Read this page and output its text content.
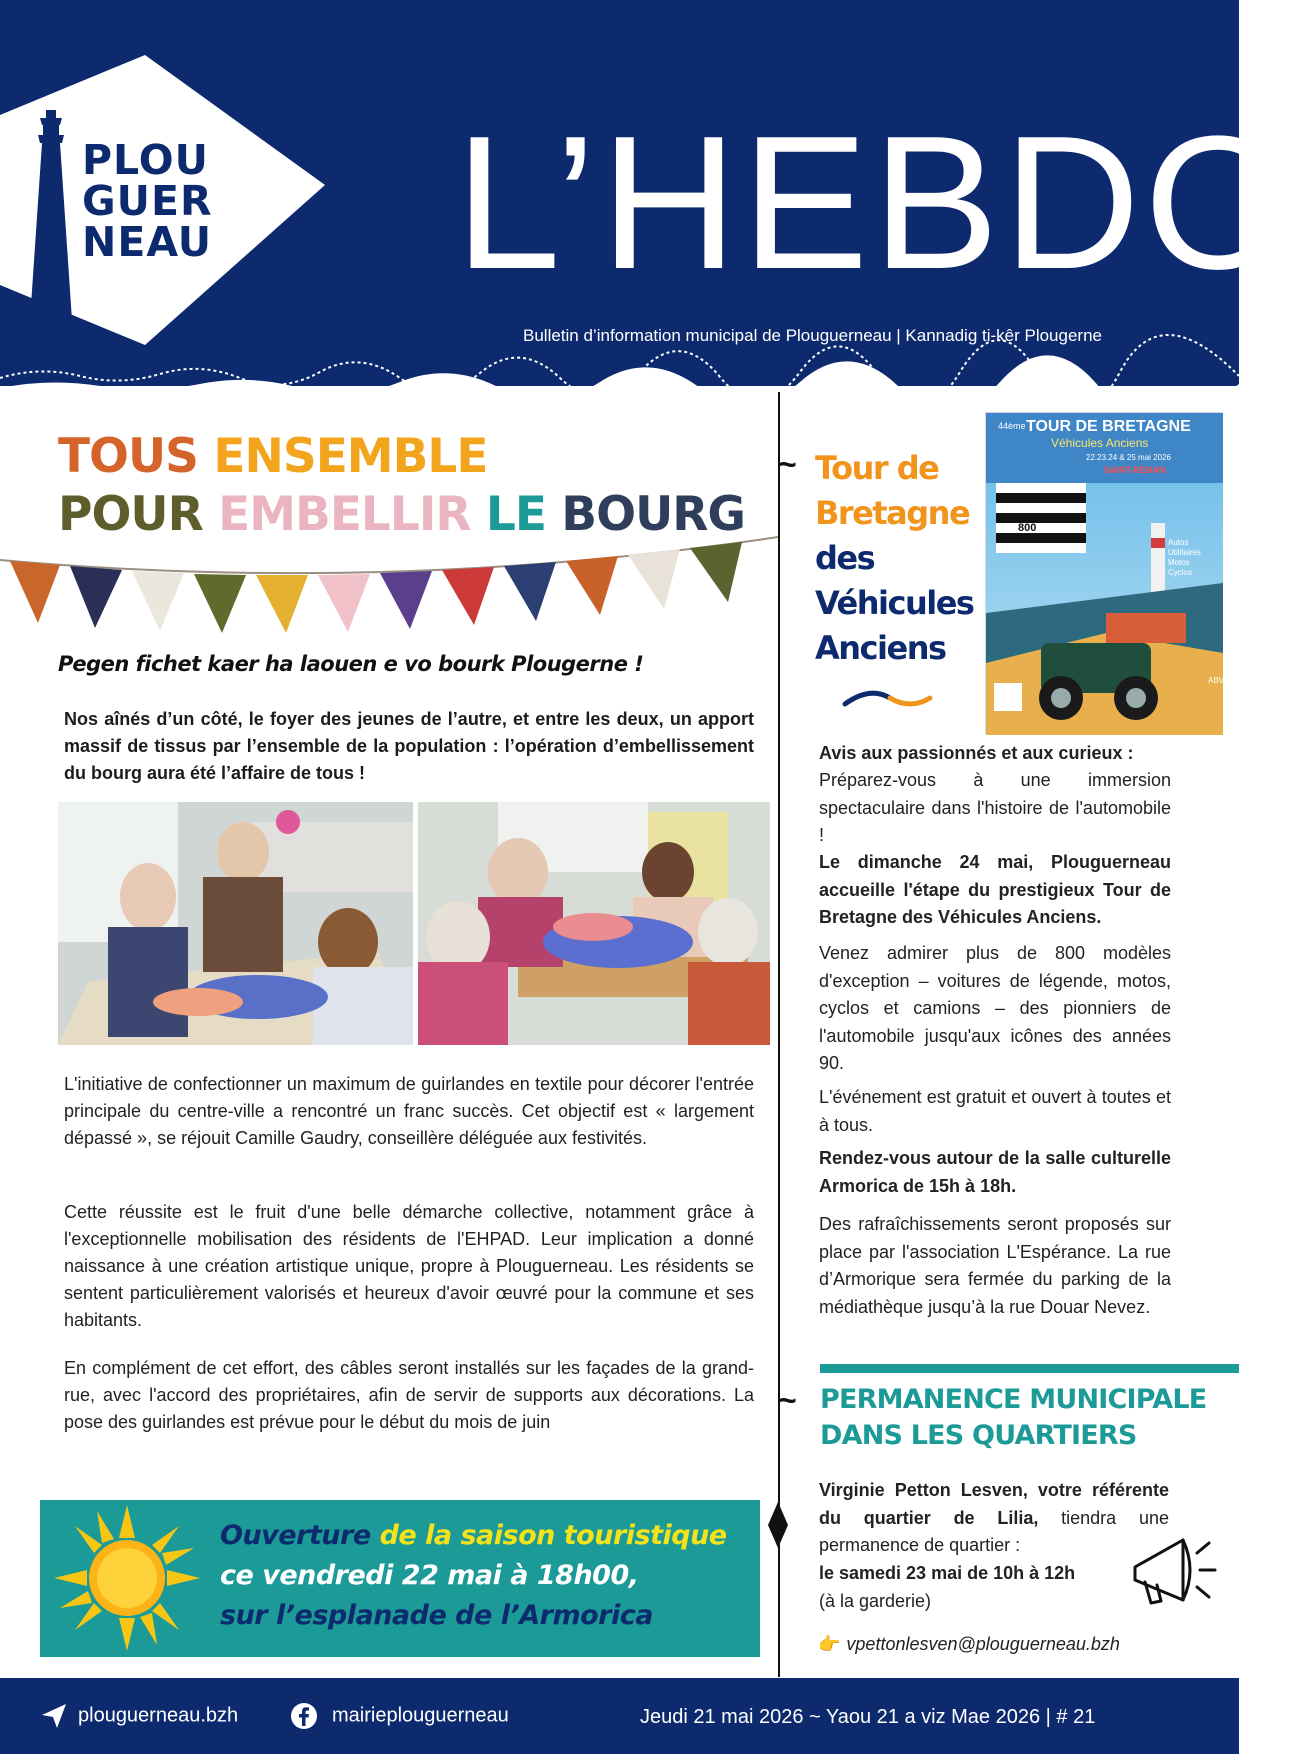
PLOU
GUER
NEAU L’HEBDO
Bulletin d’information municipal de Plouguerneau | Kannadig ti-kêr Plougerne
TOUS ENSEMBLE
POUR EMBELLIR LE BOURG
Pegen fichet kaer ha laouen e vo bourk Plougerne !
Nos aînés d’un côté, le foyer des jeunes de l’autre, et entre les deux, un apport massif de tissus par l’ensemble de la population : l’opération d’embellissement du bourg aura été l’affaire de tous !
L'initiative de confectionner un maximum de guirlandes en textile pour décorer l'entrée principale du centre-ville a rencontré un franc succès. Cet objectif est « largement dépassé », se réjouit Camille Gaudry, conseillère déléguée aux festivités.
Cette réussite est le fruit d'une belle démarche collective, notamment grâce à l'exceptionnelle mobilisation des résidents de l'EHPAD. Leur implication a donné naissance à une création artistique unique, propre à Plouguerneau. Les résidents se sentent particulièrement valorisés et heureux d'avoir œuvré pour la commune et ses habitants.
En complément de cet effort, des câbles seront installés sur les façades de la grand-rue, avec l'accord des propriétaires, afin de servir de supports aux décorations. La pose des guirlandes est prévue pour le début du mois de juin
Ouverture de la saison touristique
ce vendredi 22 mai à 18h00,
sur l’esplanade de l’Armorica
~ Tour de
Bretagne
des
Véhicules
Anciens
44ème TOUR DE BRETAGNE
Véhicules Anciens
22.23.24 & 25 mai 2026
SAINT-RENAN
800
Véhicules	Autos
Utilitaires
Motos
Cyclos
ABVA
Avis aux passionnés et aux curieux :
Préparez-vous à une immersion spectaculaire dans l'histoire de l'automobile !
Le dimanche 24 mai, Plouguerneau accueille l'étape du prestigieux Tour de Bretagne des Véhicules Anciens.
Venez admirer plus de 800 modèles d'exception – voitures de légende, motos, cyclos et camions – des pionniers de l'automobile jusqu'aux icônes des années 90.
L'événement est gratuit et ouvert à toutes et à tous.
Rendez-vous autour de la salle culturelle Armorica de 15h à 18h.
Des rafraîchissements seront proposés sur place par l'association L'Espérance. La rue d’Armorique sera fermée du parking de la médiathèque jusqu’à la rue Douar Nevez.
~ PERMANENCE MUNICIPALE
DANS LES QUARTIERS
Virginie Petton Lesven, votre référente du quartier de Lilia, tiendra une permanence de quartier :
le samedi 23 mai de 10h à 12h
(à la garderie)
👉 vpettonlesven@plouguerneau.bzh
plouguerneau.bzh	mairieplouguerneau	Jeudi 21 mai 2026 ~ Yaou 21 a viz Mae 2026 | # 21
